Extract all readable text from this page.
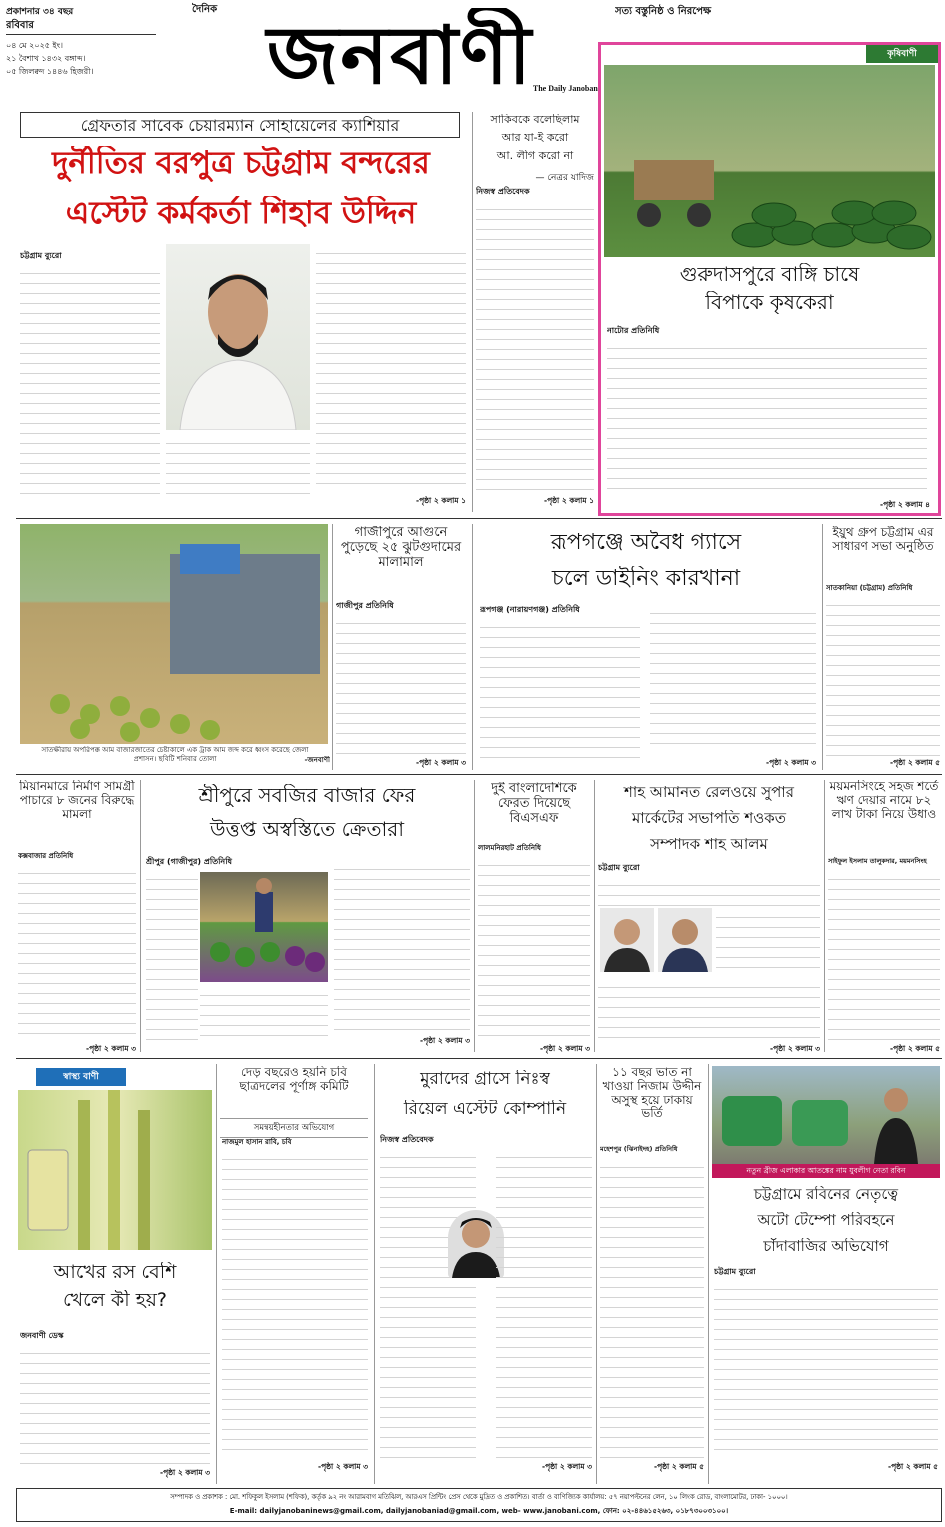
প্রকাশনার ৩৪ বছর
রবিবার
০৪ মে ২০২৫ ইং।
২১ বৈশাখ ১৪৩২ বঙ্গাব্দ।
০৫ জিলক্বদ ১৪৪৬ হিজরী।
দৈনিক জনবাণী	সত্য বস্তুনিষ্ঠ ও নিরপেক্ষ
The Daily Janobani
কৃষিবাণী
গুরুদাসপুরে বাঙ্গি চাষে
বিপাকে কৃষকেরা
নাটোর প্রতিনিধি
-পৃষ্ঠা ২ কলাম ৪
গ্রেফতার সাবেক চেয়ারম্যান সোহায়েলের ক্যাশিয়ার
দুর্নীতির বরপুত্র চট্টগ্রাম বন্দরের
এস্টেট কর্মকর্তা শিহাব উদ্দিন
চট্টগ্রাম ব্যুরো
-পৃষ্ঠা ২ কলাম ১
সাকিবকে বলেছিলাম
আর যা-ই করো
আ. লীগ করো না
— নেত্রর যাদিজ
নিজস্ব প্রতিবেদক
-পৃষ্ঠা ২ কলাম ১
সাতক্ষীরায় অপরিপক্ক আম বাজারজাতের চেষ্টাকালে এক ট্রাক আম জব্দ করে ধ্বংস করেছে জেলা প্রশাসন। ছবিটি শনিবার তোলা	-জনবাণী
গাজীপুরে আগুনে পুড়েছে ২৫ ঝুটগুদামের মালামাল
গাজীপুর প্রতিনিধি
-পৃষ্ঠা ২ কলাম ৩
রূপগঞ্জে অবৈধ গ্যাসে
চলে ডাইনিং কারখানা
রূপগঞ্জ (নারায়ণগঞ্জ) প্রতিনিধি
-পৃষ্ঠা ২ কলাম ৩
ইয়ুথ গ্রুপ চট্টগ্রাম এর সাধারণ সভা অনুষ্ঠিত
সাতকানিয়া (চট্টগ্রাম) প্রতিনিধি
-পৃষ্ঠা ২ কলাম ৫
মিয়ানমারে নির্মাণ সামগ্রী পাচারে ৮ জনের বিরুদ্ধে মামলা
কক্সবাজার প্রতিনিধি
-পৃষ্ঠা ২ কলাম ৩
শ্রীপুরে সবজির বাজার ফের
উত্তপ্ত অস্বস্তিতে ক্রেতারা
শ্রীপুর (গাজীপুর) প্রতিনিধি
-পৃষ্ঠা ২ কলাম ৩
দুই বাংলাদেশিকে ফেরত দিয়েছে বিএসএফ
লালমনিরহাট প্রতিনিধি
-পৃষ্ঠা ২ কলাম ৩
শাহ আমানত রেলওয়ে সুপার
মার্কেটের সভাপতি শওকত
সম্পাদক শাহ আলম
চট্টগ্রাম ব্যুরো
-পৃষ্ঠা ২ কলাম ৩
ময়মনসিংহে সহজ শর্তে ঋণ দেয়ার নামে ৮২ লাখ টাকা নিয়ে উধাও
সাইফুল ইসলাম তালুকদার, ময়মনসিংহ
-পৃষ্ঠা ২ কলাম ৫
স্বাস্থ্য বাণী
আখের রস বেশি
খেলে কী হয়?
জনবাণী ডেস্ক
-পৃষ্ঠা ২ কলাম ৩
দেড় বছরেও হয়নি চবি ছাত্রদলের পূর্ণাঙ্গ কমিটি
সমন্বয়হীনতার অভিযোগ
নাজমুল হাসান রাবি, চবি
-পৃষ্ঠা ২ কলাম ৩
মুরাদের গ্রাসে নিঃস্ব
রিয়েল এস্টেট কোম্পানি
নিজস্ব প্রতিবেদক
-পৃষ্ঠা ২ কলাম ৩
১১ বছর ভাত না খাওয়া নিজাম উদ্দীন অসুস্থ হয়ে ঢাকায় ভর্তি
মহেশপুর (ঝিনাইদহ) প্রতিনিধি
-পৃষ্ঠা ২ কলাম ৫
নতুন ব্রীজ এলাকার আতঙ্কের নাম যুবলীগ নেতা রবিন
চট্টগ্রামে রবিনের নেতৃত্বে
অটো টেম্পো পরিবহনে
চাঁদাবাজির অভিযোগ
চট্টগ্রাম ব্যুরো
-পৃষ্ঠা ২ কলাম ৫
সম্পাদক ও প্রকাশক : মো. শফিকুল ইসলাম (শফিক), কর্তৃক ৯২ নং আরামবাগ মতিঝিল, আরএস প্রিন্টিং প্রেস থেকে মুদ্রিত ও প্রকাশিত। বার্তা ও বাণিজ্যিক কার্যালয়: ৫৭ নয়াপল্টনের লেন, ১০ লিংক রোড, বাংলামোটর, ঢাকা- ১০০০।
E-mail: dailyjanobaninews@gmail.com, dailyjanobaniad@gmail.com, web- www.janobani.com, ফোন: ০২-৪৪৬১৫২৬৩, ০১৮৭৩০০৩১০০।
